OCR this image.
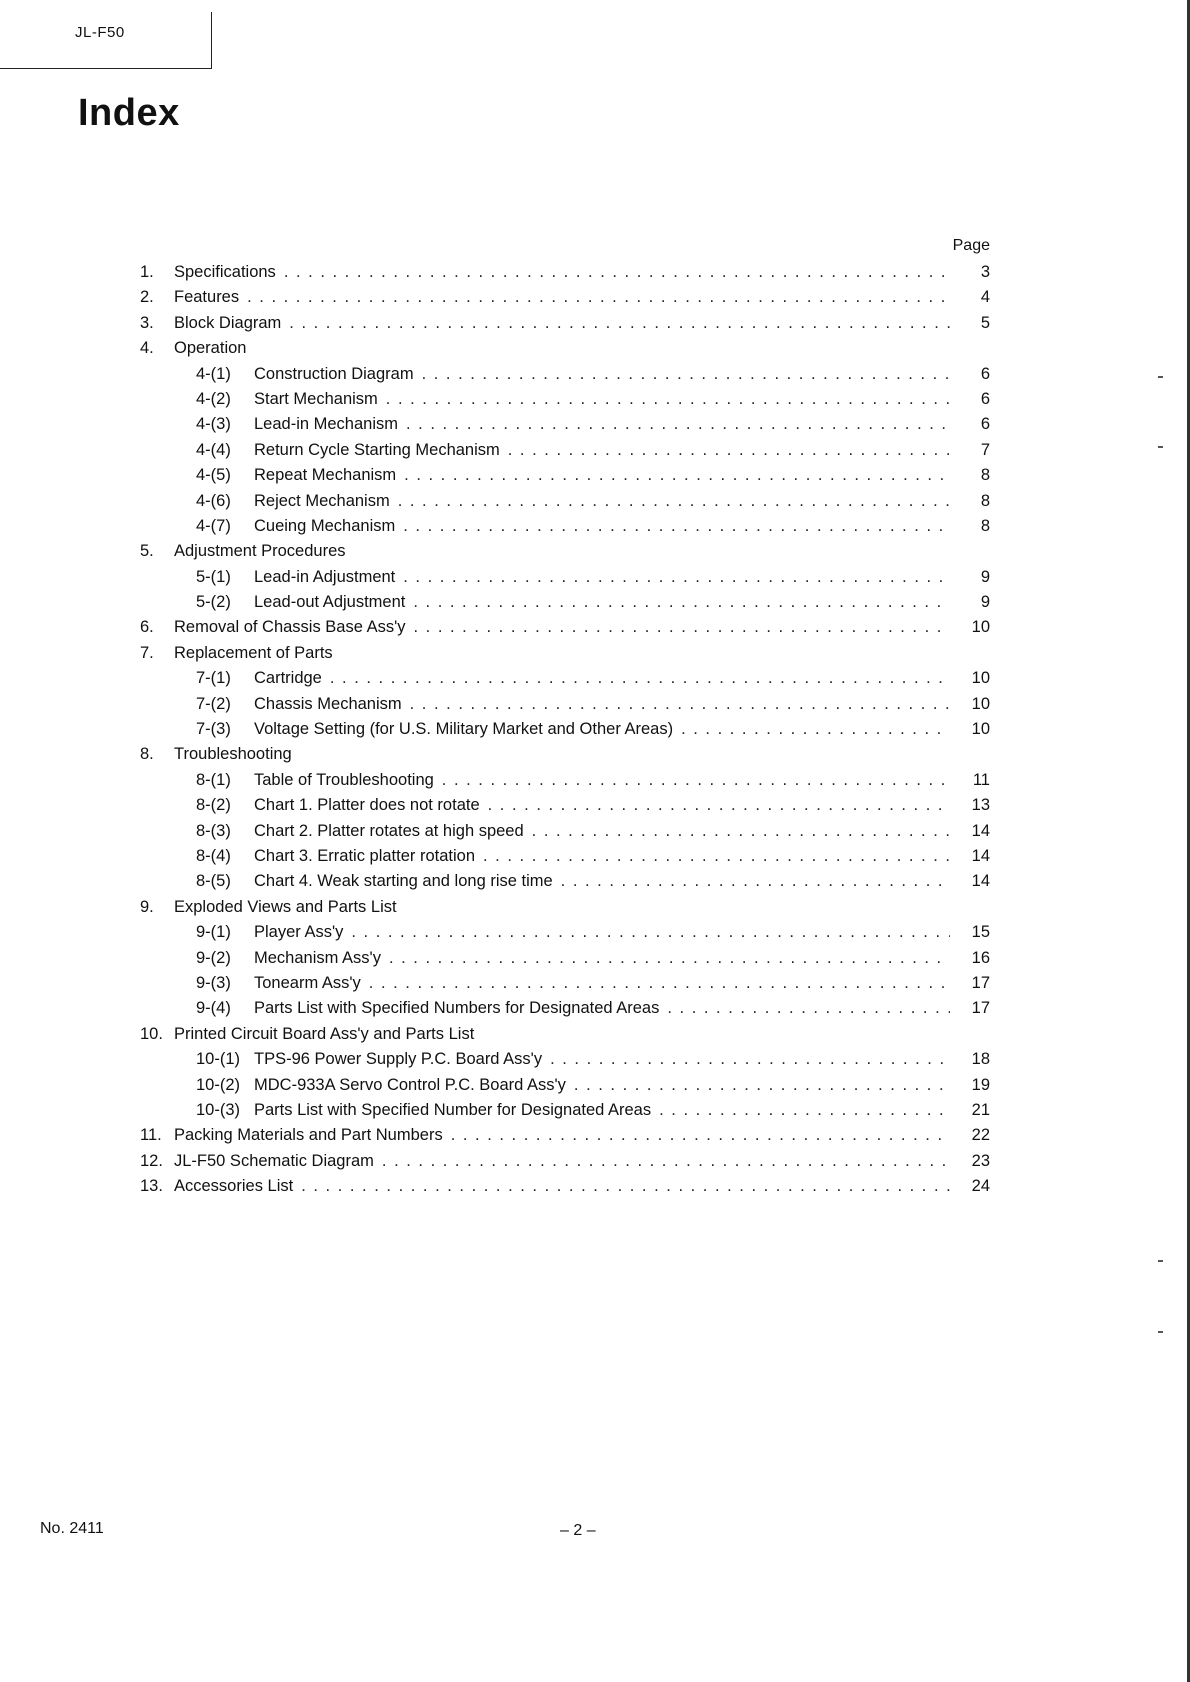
JL-F50
Index
Page
1.	Specifications . . .	3
2.	Features . . .	4
3.	Block Diagram . . .	5
4.	Operation
4-(1)	Construction Diagram . . .	6
4-(2)	Start Mechanism . . .	6
4-(3)	Lead-in Mechanism . . .	6
4-(4)	Return Cycle Starting Mechanism . . .	7
4-(5)	Repeat Mechanism . . .	8
4-(6)	Reject Mechanism . . .	8
4-(7)	Cueing Mechanism . . .	8
5.	Adjustment Procedures
5-(1)	Lead-in Adjustment . . .	9
5-(2)	Lead-out Adjustment . . .	9
6.	Removal of Chassis Base Ass'y . . .	10
7.	Replacement of Parts
7-(1)	Cartridge . . .	10
7-(2)	Chassis Mechanism . . .	10
7-(3)	Voltage Setting (for U.S. Military Market and Other Areas) . . .	10
8.	Troubleshooting
8-(1)	Table of Troubleshooting . . .	11
8-(2)	Chart 1. Platter does not rotate . . .	13
8-(3)	Chart 2. Platter rotates at high speed . . .	14
8-(4)	Chart 3. Erratic platter rotation . . .	14
8-(5)	Chart 4. Weak starting and long rise time . . .	14
9.	Exploded Views and Parts List
9-(1)	Player Ass'y . . .	15
9-(2)	Mechanism Ass'y . . .	16
9-(3)	Tonearm Ass'y . . .	17
9-(4)	Parts List with Specified Numbers for Designated Areas . . .	17
10. Printed Circuit Board Ass'y and Parts List
10-(1) TPS-96 Power Supply P.C. Board Ass'y . . .	18
10-(2) MDC-933A Servo Control P.C. Board Ass'y . . .	19
10-(3) Parts List with Specified Number for Designated Areas . . .	21
11. Packing Materials and Part Numbers . . .	22
12. JL-F50 Schematic Diagram . . .	23
13. Accessories List . . .	24
No. 2411	– 2 –
